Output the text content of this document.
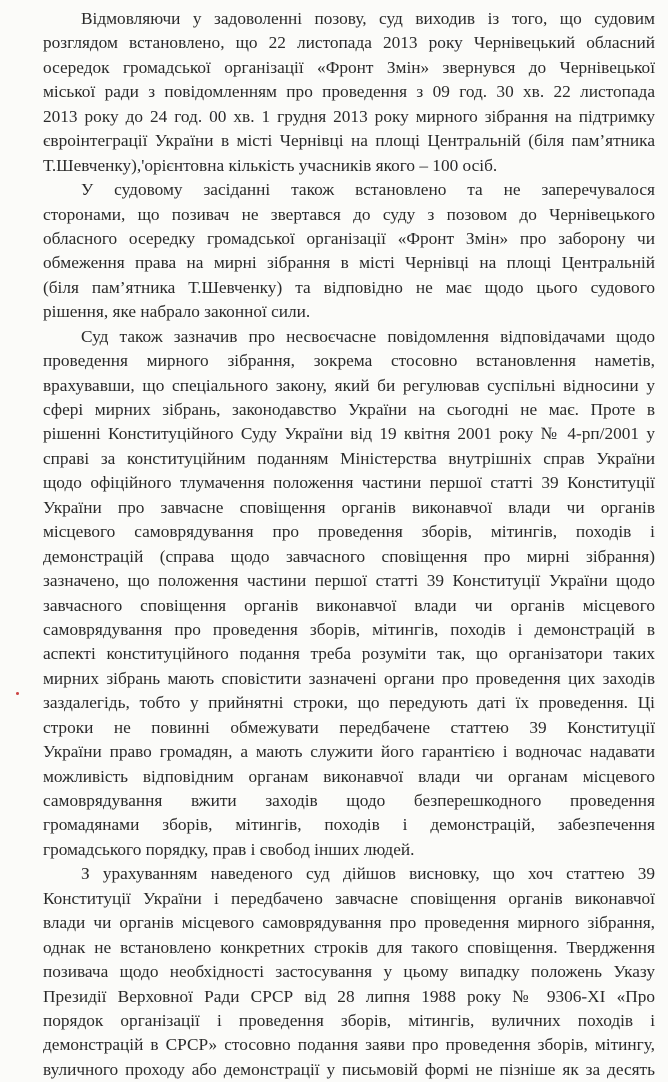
Відмовляючи у задоволенні позову, суд виходив із того, що судовим
розглядом встановлено, що 22 листопада 2013 року Чернівецький обласний
осередок громадської організації «Фронт Змін» звернувся до Чернівецької
міської ради з повідомленням про проведення з 09 год. 30 хв. 22 листопада
2013 року до 24 год. 00 хв. 1 грудня 2013 року мирного зібрання на підтримку
євроінтеграції України в місті Чернівці на площі Центральній (біля пам’ятника
Т.Шевченку),'орієнтовна кількість учасників якого – 100 осіб.
У судовому засіданні також встановлено та не заперечувалося
сторонами, що позивач не звертався до суду з позовом до Чернівецького
обласного осередку громадської організації «Фронт Змін» про заборону чи
обмеження права на мирні зібрання в місті Чернівці на площі Центральній
(біля пам’ятника Т.Шевченку) та відповідно не має щодо цього судового
рішення, яке набрало законної сили.
Суд також зазначив про несвоєчасне повідомлення відповідачами щодо
проведення мирного зібрання, зокрема стосовно встановлення наметів,
врахувавши, що спеціального закону, який би регулював суспільні відносини у
сфері мирних зібрань, законодавство України на сьогодні не має. Проте в
рішенні Конституційного Суду України від 19 квітня 2001 року № 4-рп/2001 у
справі за конституційним поданням Міністерства внутрішніх справ України
щодо офіційного тлумачення положення частини першої статті 39 Конституції
України про завчасне сповіщення органів виконавчої влади чи органів
місцевого самоврядування про проведення зборів, мітингів, походів і
демонстрацій (справа щодо завчасного сповіщення про мирні зібрання)
зазначено, що положення частини першої статті 39 Конституції України щодо
завчасного сповіщення органів виконавчої влади чи органів місцевого
самоврядування про проведення зборів, мітингів, походів і демонстрацій в
аспекті конституційного подання треба розуміти так, що організатори таких
мирних зібрань мають сповістити зазначені органи про проведення цих заходів
заздалегідь, тобто у прийнятні строки, що передують даті їх проведення. Ці
строки не повинні обмежувати передбачене статтею 39 Конституції
України право громадян, а мають служити його гарантією і водночас надавати
можливість відповідним органам виконавчої влади чи органам місцевого
самоврядування вжити заходів щодо безперешкодного проведення
громадянами зборів, мітингів, походів і демонстрацій, забезпечення
громадського порядку, прав і свобод інших людей.
З урахуванням наведеного суд дійшов висновку, що хоч статтею 39
Конституції України і передбачено завчасне сповіщення органів виконавчої
влади чи органів місцевого самоврядування про проведення мирного зібрання,
однак не встановлено конкретних строків для такого сповіщення. Твердження
позивача щодо необхідності застосування у цьому випадку положень Указу
Президії Верховної Ради СРСР від 28 липня 1988 року № 9306-XI «Про
порядок організації і проведення зборів, мітингів, вуличних походів і
демонстрацій в СРСР» стосовно подання заяви про проведення зборів, мітингу,
вуличного проходу або демонстрації у письмовій формі не пізніше як за десять
